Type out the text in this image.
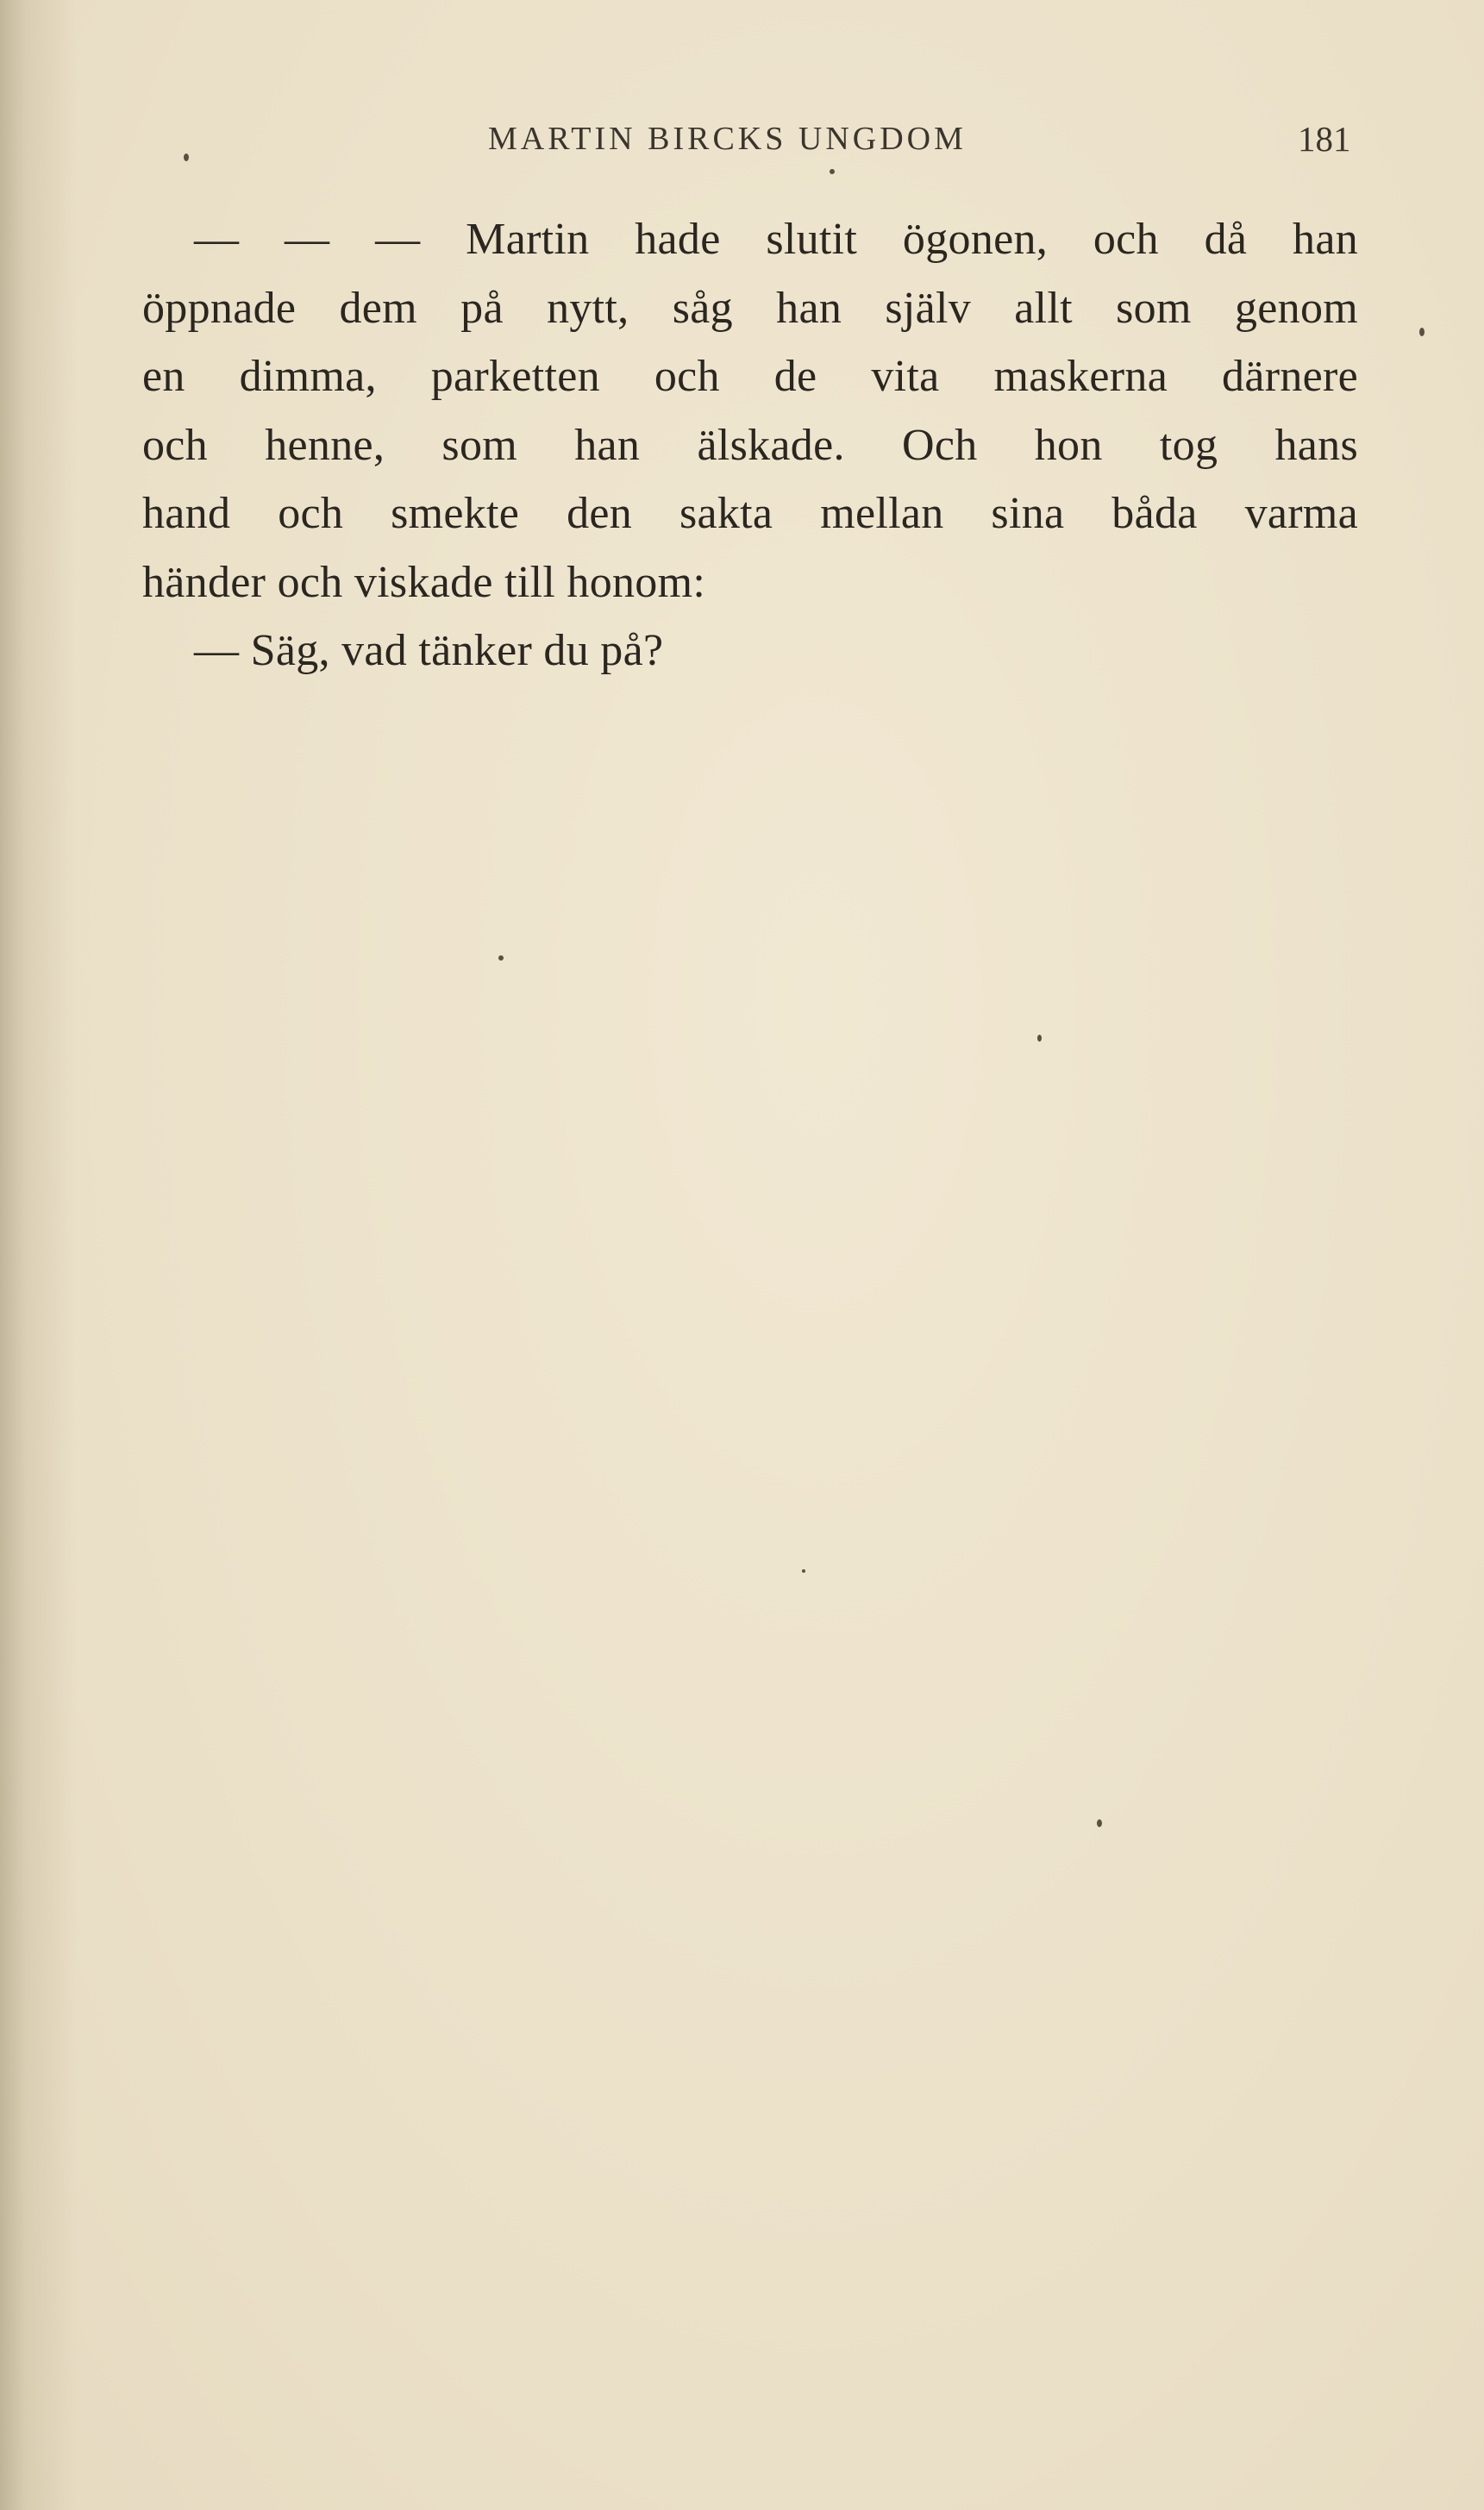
MARTIN BIRCKS UNGDOM	181
— — — Martin hade slutit ögonen, och då han
öppnade dem på nytt, såg han själv allt som genom
en dimma, parketten och de vita maskerna därnere
och henne, som han älskade. Och hon tog hans
hand och smekte den sakta mellan sina båda varma
händer och viskade till honom:
— Säg, vad tänker du på?
